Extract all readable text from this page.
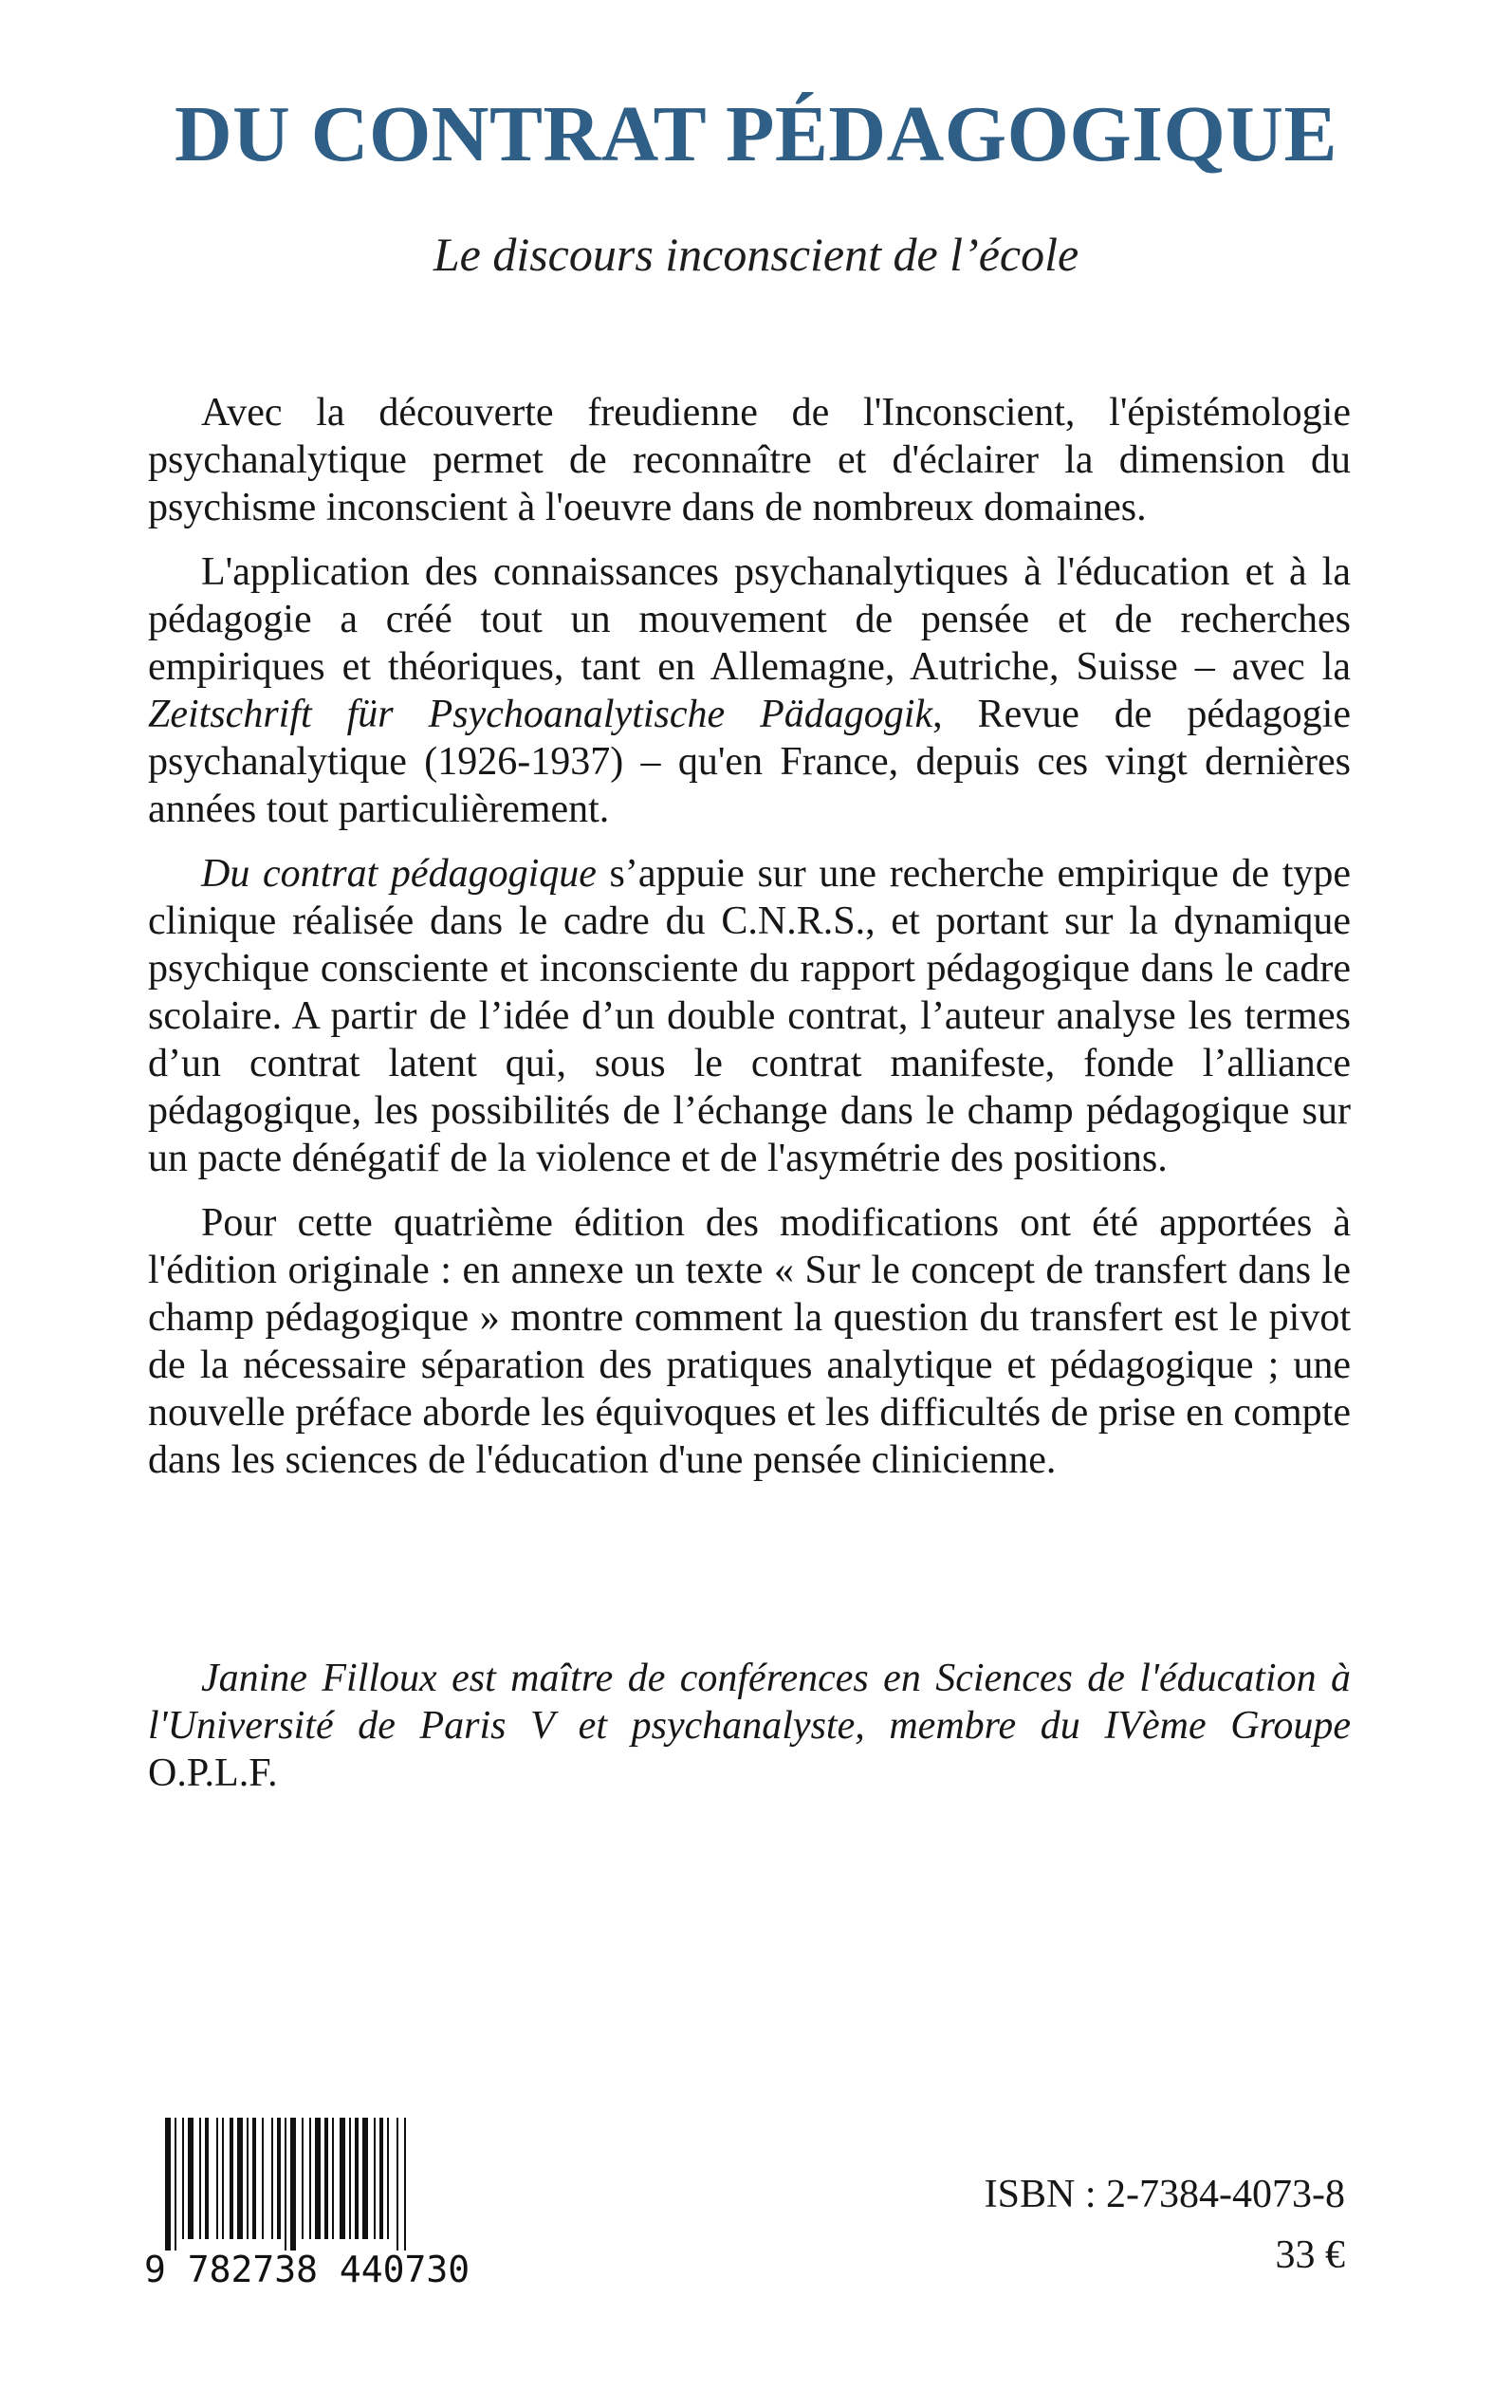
DU CONTRAT PÉDAGOGIQUE
Le discours inconscient de l’école

Avec la découverte freudienne de l'Inconscient, l'épistémologie psychanalytique permet de reconnaître et d'éclairer la dimension du psychisme inconscient à l'oeuvre dans de nombreux domaines.

L'application des connaissances psychanalytiques à l'éducation et à la pédagogie a créé tout un mouvement de pensée et de recherches empiriques et théoriques, tant en Allemagne, Autriche, Suisse – avec la Zeitschrift für Psychoanalytische Pädagogik, Revue de pédagogie psychanalytique (1926-1937) – qu'en France, depuis ces vingt dernières années tout particulièrement.

Du contrat pédagogique s’appuie sur une recherche empirique de type clinique réalisée dans le cadre du C.N.R.S., et portant sur la dynamique psychique consciente et inconsciente du rapport pédagogique dans le cadre scolaire. A partir de l’idée d’un double contrat, l’auteur analyse les termes d’un contrat latent qui, sous le contrat manifeste, fonde l’alliance pédagogique, les possibilités de l’échange dans le champ pédagogique sur un pacte dénégatif de la violence et de l'asymétrie des positions.

Pour cette quatrième édition des modifications ont été apportées à l'édition originale : en annexe un texte « Sur le concept de transfert dans le champ pédagogique » montre comment la question du transfert est le pivot de la nécessaire séparation des pratiques analytique et pédagogique ; une nouvelle préface aborde les équivoques et les difficultés de prise en compte dans les sciences de l'éducation d'une pensée clinicienne.

Janine Filloux est maître de conférences en Sciences de l'éducation à l'Université de Paris V et psychanalyste, membre du IVème Groupe O.P.L.F.

9 782738 440730
ISBN : 2-7384-4073-8
33 €
